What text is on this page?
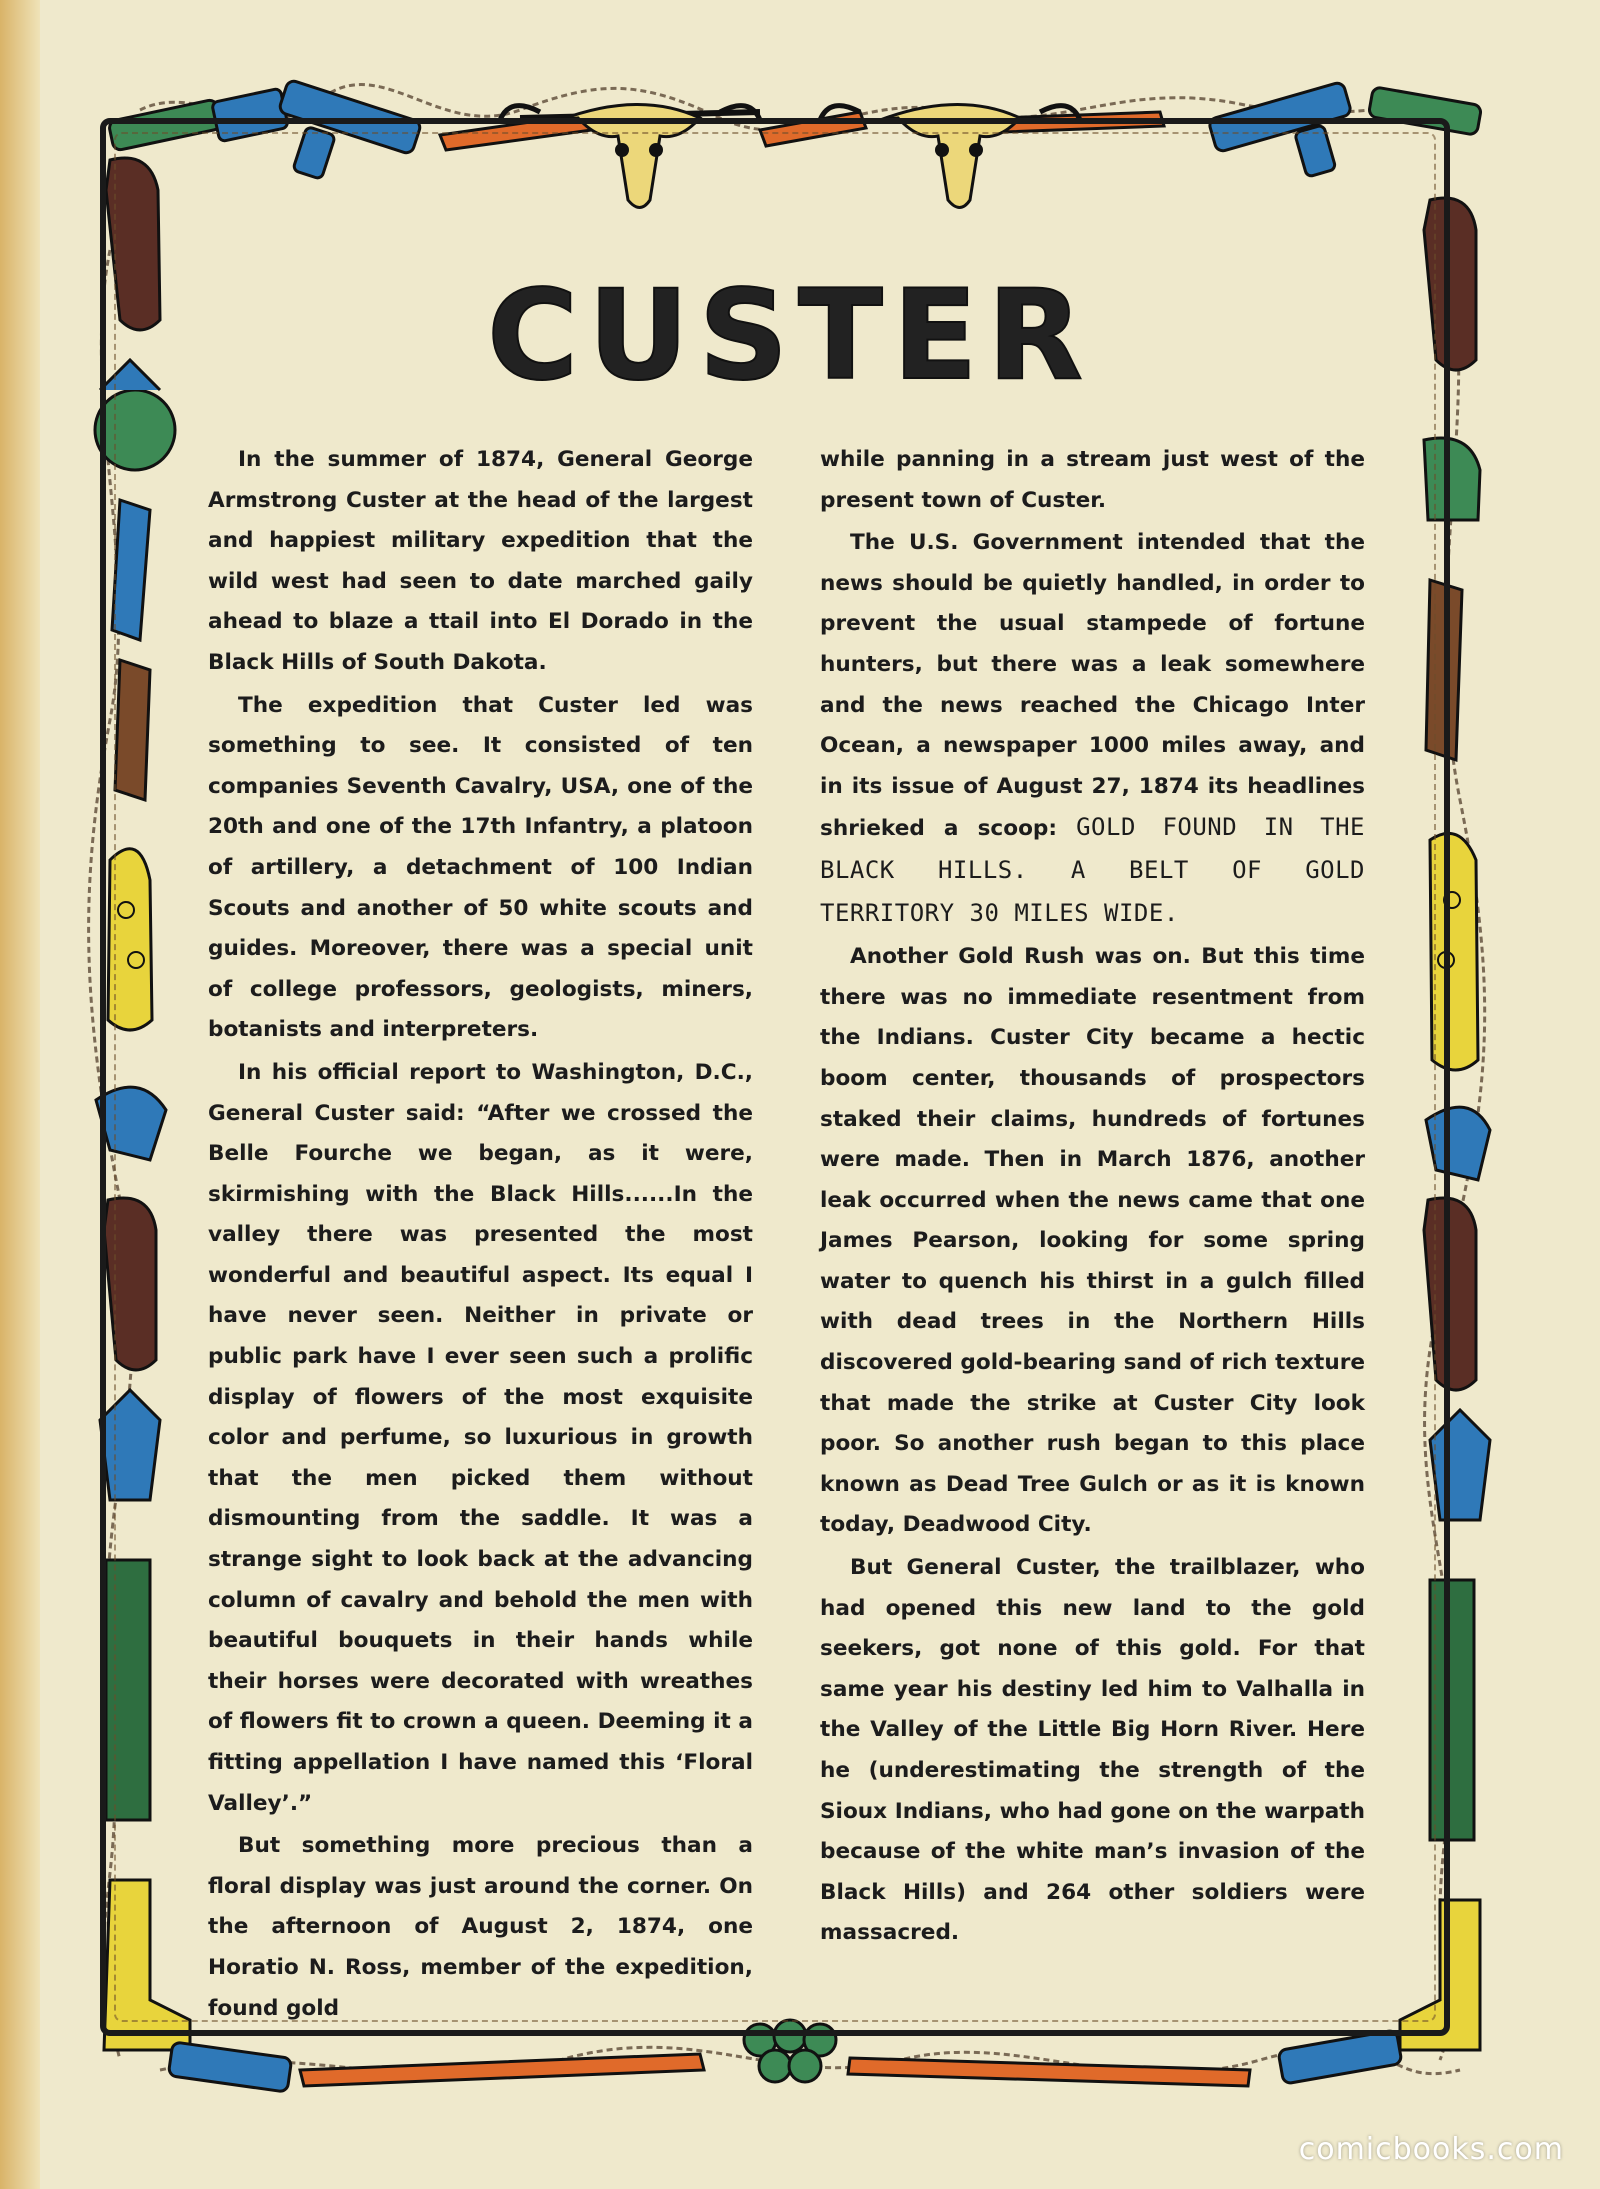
CUSTER

In the summer of 1874, General George Armstrong Custer at the head of the largest and happiest military expedition that the wild west had seen to date marched gaily ahead to blaze a ttail into El Dorado in the Black Hills of South Dakota.

The expedition that Custer led was something to see. It consisted of ten companies Seventh Cavalry, USA, one of the 20th and one of the 17th Infantry, a platoon of artillery, a detachment of 100 Indian Scouts and another of 50 white scouts and guides. Moreover, there was a special unit of college professors, geologists, miners, botanists and interpreters.

In his official report to Washington, D.C., General Custer said: “After we crossed the Belle Fourche we began, as it were, skirmishing with the Black Hills......In the valley there was presented the most wonderful and beautiful aspect. Its equal I have never seen. Neither in private or public park have I ever seen such a prolific display of flowers of the most exquisite color and perfume, so luxurious in growth that the men picked them without dismounting from the saddle. It was a strange sight to look back at the advancing column of cavalry and behold the men with beautiful bouquets in their hands while their horses were decorated with wreathes of flowers fit to crown a queen. Deeming it a fitting appellation I have named this ‘Floral Valley’.”

But something more precious than a floral display was just around the corner. On the afternoon of August 2, 1874, one Horatio N. Ross, member of the expedition, found gold

while panning in a stream just west of the present town of Custer.

The U.S. Government intended that the news should be quietly handled, in order to prevent the usual stampede of fortune hunters, but there was a leak somewhere and the news reached the Chicago Inter Ocean, a newspaper 1000 miles away, and in its issue of August 27, 1874 its headlines shrieked a scoop: GOLD FOUND IN THE BLACK HILLS. A BELT OF GOLD TERRITORY 30 MILES WIDE.

Another Gold Rush was on. But this time there was no immediate resentment from the Indians. Custer City became a hectic boom center, thousands of prospectors staked their claims, hundreds of fortunes were made. Then in March 1876, another leak occurred when the news came that one James Pearson, looking for some spring water to quench his thirst in a gulch filled with dead trees in the Northern Hills discovered gold-bearing sand of rich texture that made the strike at Custer City look poor. So another rush began to this place known as Dead Tree Gulch or as it is known today, Deadwood City.

But General Custer, the trailblazer, who had opened this new land to the gold seekers, got none of this gold. For that same year his destiny led him to Valhalla in the Valley of the Little Big Horn River. Here he (underestimating the strength of the Sioux Indians, who had gone on the warpath because of the white man’s invasion of the Black Hills) and 264 other soldiers were massacred.

comicbooks.com
